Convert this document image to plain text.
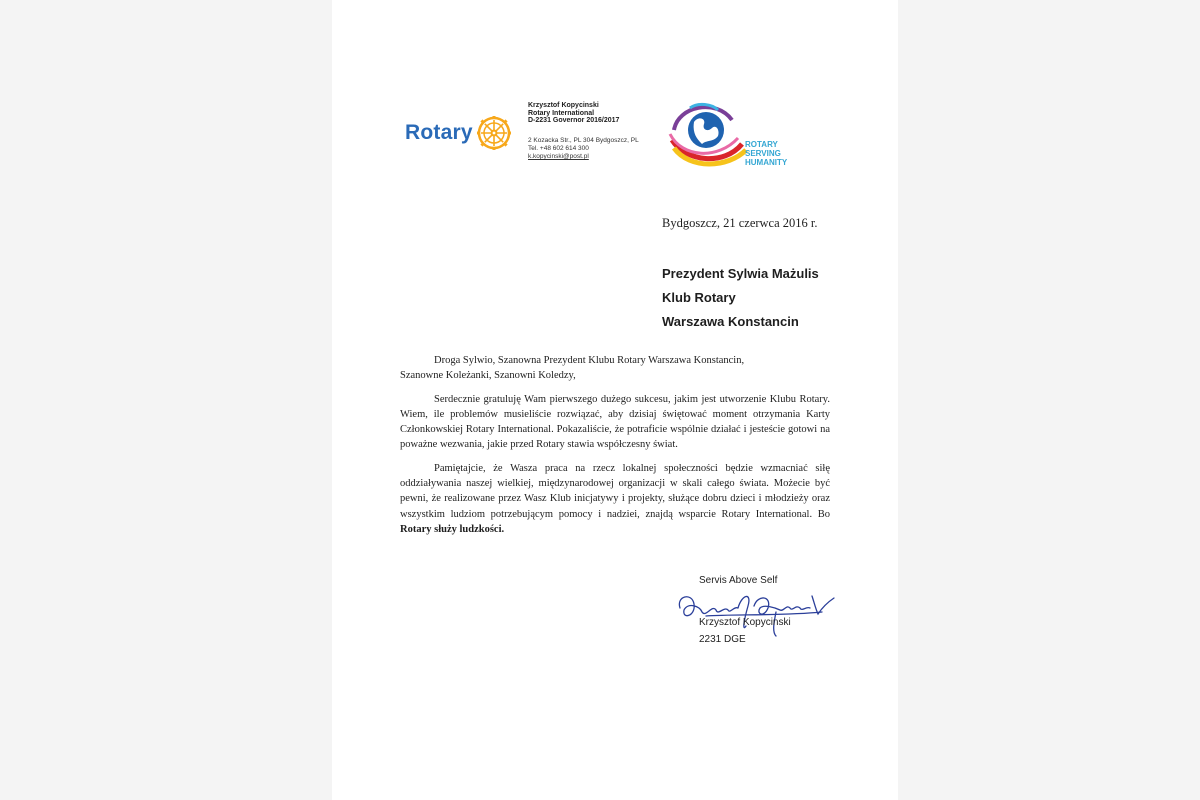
Rotary
Krzysztof Kopycinski
Rotary International
D-2231 Governor 2016/2017
2 Kozacka Str., PL 304 Bydgoszcz, PL
Tel. +48 602 614 300
k.kopycinski@post.pl
ROTARY
SERVING
HUMANITY
Bydgoszcz, 21 czerwca 2016 r.
Prezydent Sylwia Mażulis
Klub Rotary
Warszawa Konstancin

Droga Sylwio, Szanowna Prezydent Klubu Rotary Warszawa Konstancin,
Szanowne Koleżanki, Szanowni Koledzy,

Serdecznie gratuluję Wam pierwszego dużego sukcesu, jakim jest utworzenie Klubu Rotary. Wiem, ile problemów musieliście rozwiązać, aby dzisiaj świętować moment otrzymania Karty Członkowskiej Rotary International. Pokazaliście, że potraficie wspólnie działać i jesteście gotowi na poważne wezwania, jakie przed Rotary stawia współczesny świat.

Pamiętajcie, że Wasza praca na rzecz lokalnej społeczności będzie wzmacniać siłę oddziaływania naszej wielkiej, międzynarodowej organizacji w skali całego świata. Możecie być pewni, że realizowane przez Wasz Klub inicjatywy i projekty, służące dobru dzieci i młodzieży oraz wszystkim ludziom potrzebującym pomocy i nadziei, znajdą wsparcie Rotary International. Bo Rotary służy ludzkości.

Servis Above Self
Krzysztof Kopycinski
2231 DGE
